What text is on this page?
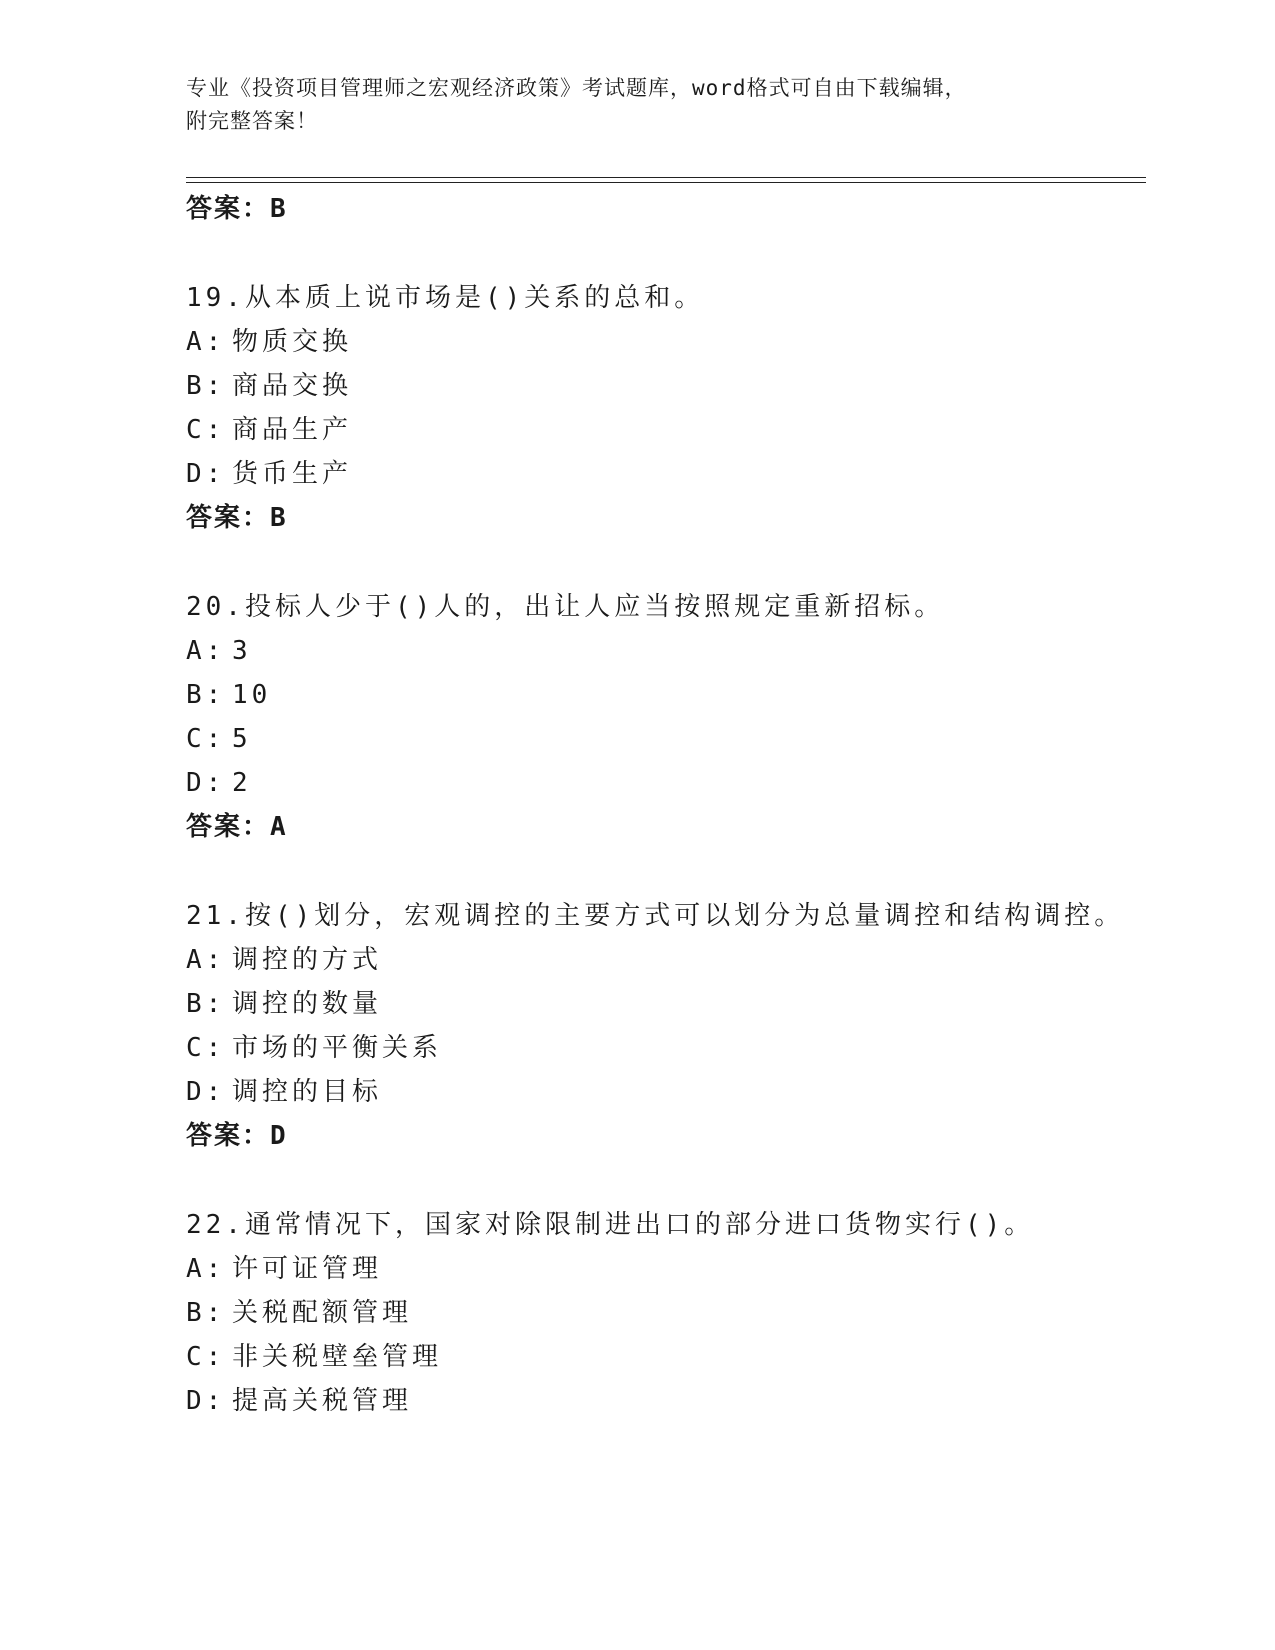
专业《投资项目管理师之宏观经济政策》考试题库，word格式可自由下载编辑，
附完整答案！
答案：B
19.从本质上说市场是()关系的总和。
A: 物质交换
B: 商品交换
C: 商品生产
D: 货币生产
答案：B
20.投标人少于()人的，出让人应当按照规定重新招标。
A: 3
B: 10
C: 5
D: 2
答案：A
21.按()划分，宏观调控的主要方式可以划分为总量调控和结构调控。
A: 调控的方式
B: 调控的数量
C: 市场的平衡关系
D: 调控的目标
答案：D
22.通常情况下，国家对除限制进出口的部分进口货物实行()。
A: 许可证管理
B: 关税配额管理
C: 非关税壁垒管理
D: 提高关税管理
